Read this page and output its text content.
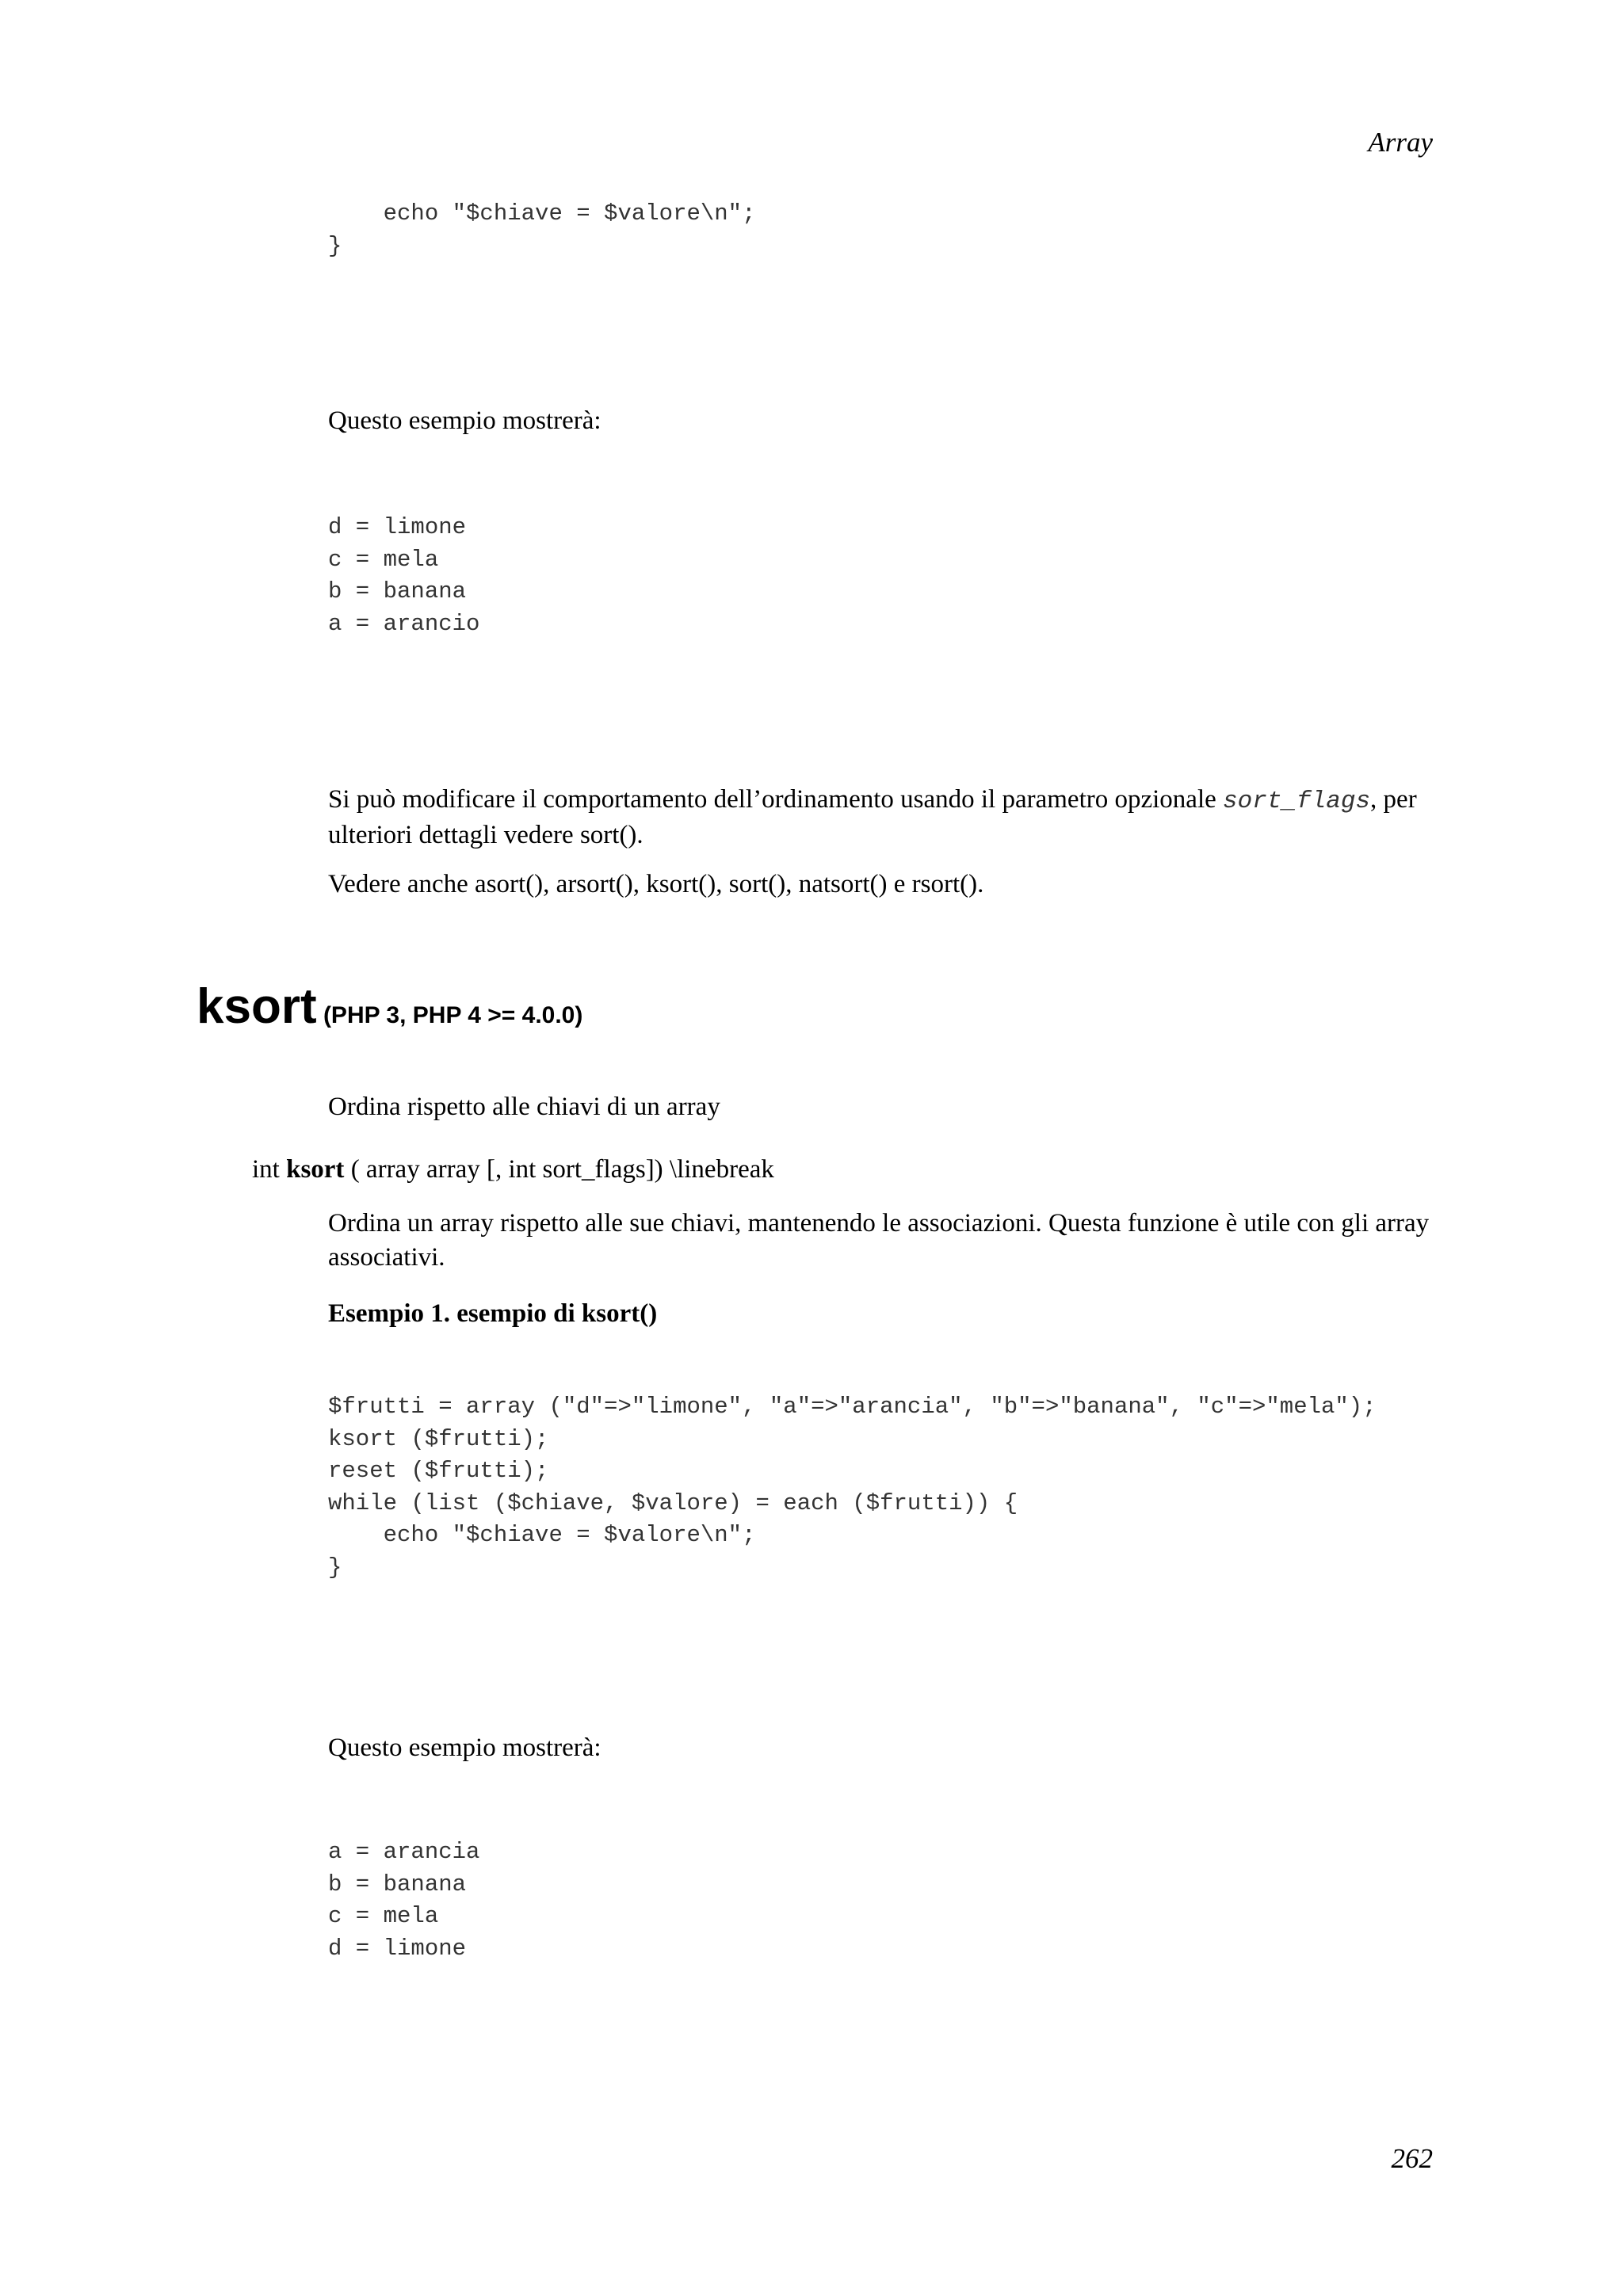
Array
echo "$chiave = $valore\n";
}

Questo esempio mostrerà:

d = limone
c = mela
b = banana
a = arancio

Si può modificare il comportamento dell’ordinamento usando il parametro opzionale sort_flags, per ulteriori dettagli vedere sort().

Vedere anche asort(), arsort(), ksort(), sort(), natsort() e rsort().

ksort (PHP 3, PHP 4 >= 4.0.0)

Ordina rispetto alle chiavi di un array

int ksort ( array array [, int sort_flags]) \linebreak

Ordina un array rispetto alle sue chiavi, mantenendo le associazioni. Questa funzione è utile con gli array associativi.

Esempio 1. esempio di ksort()

$frutti = array ("d"=>"limone", "a"=>"arancia", "b"=>"banana", "c"=>"mela");
ksort ($frutti);
reset ($frutti);
while (list ($chiave, $valore) = each ($frutti)) {
echo "$chiave = $valore\n";
}

Questo esempio mostrerà:

a = arancia
b = banana
c = mela
d = limone
262
